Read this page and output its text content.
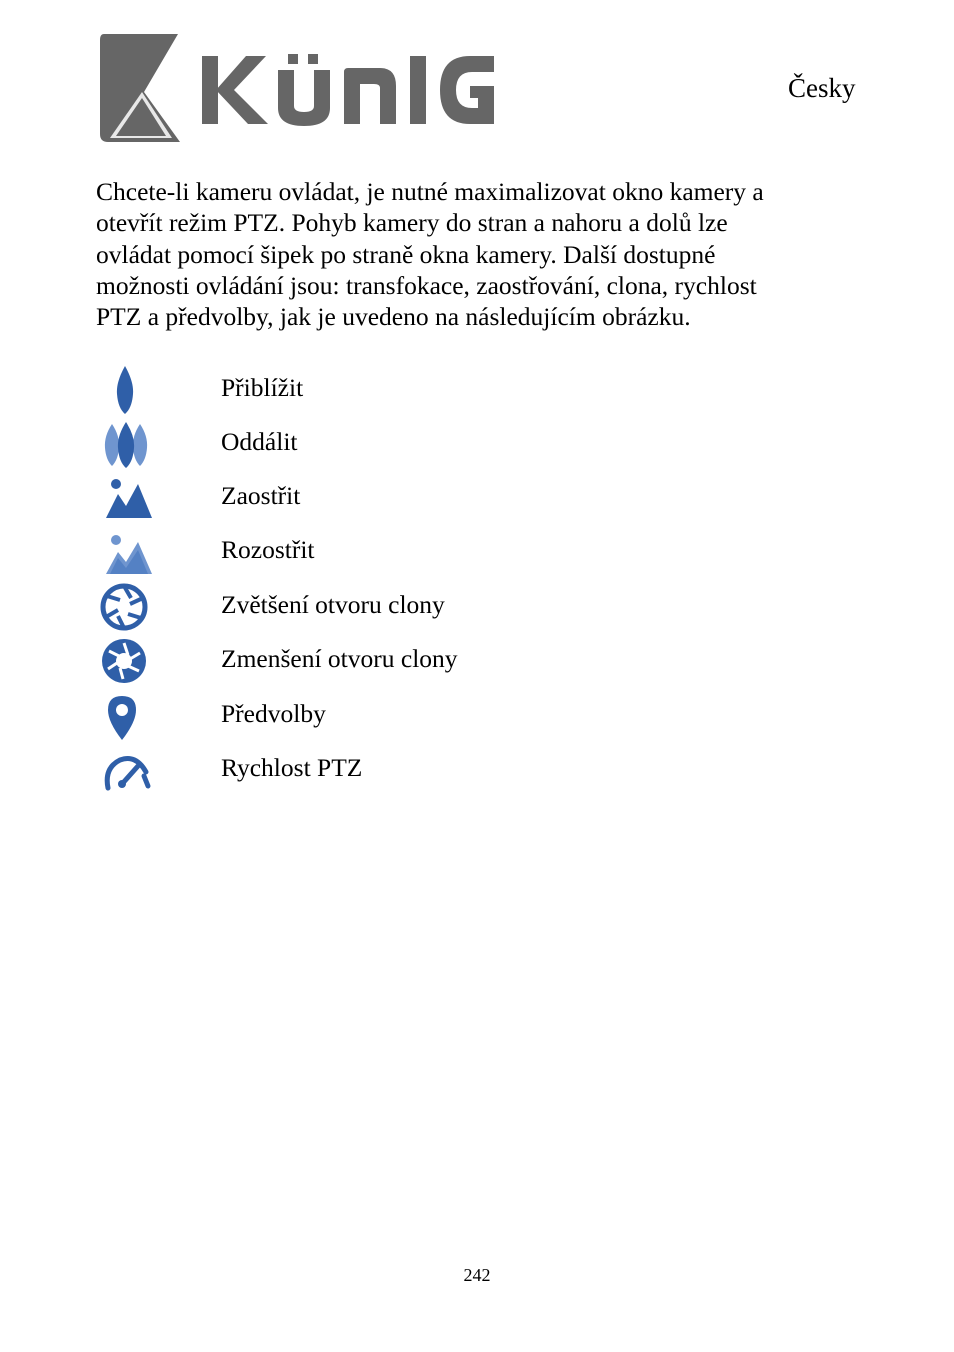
Česky
Chcete-li kameru ovládat, je nutné maximalizovat okno kamery a
otevřít režim PTZ. Pohyb kamery do stran a nahoru a dolů lze
ovládat pomocí šipek po straně okna kamery. Další dostupné
možnosti ovládání jsou: transfokace, zaostřování, clona, rychlost
PTZ a předvolby, jak je uvedeno na následujícím obrázku.
Přiblížit
Oddálit
Zaostřit
Rozostřit
Zvětšení otvoru clony
Zmenšení otvoru clony
Předvolby
Rychlost PTZ
242
